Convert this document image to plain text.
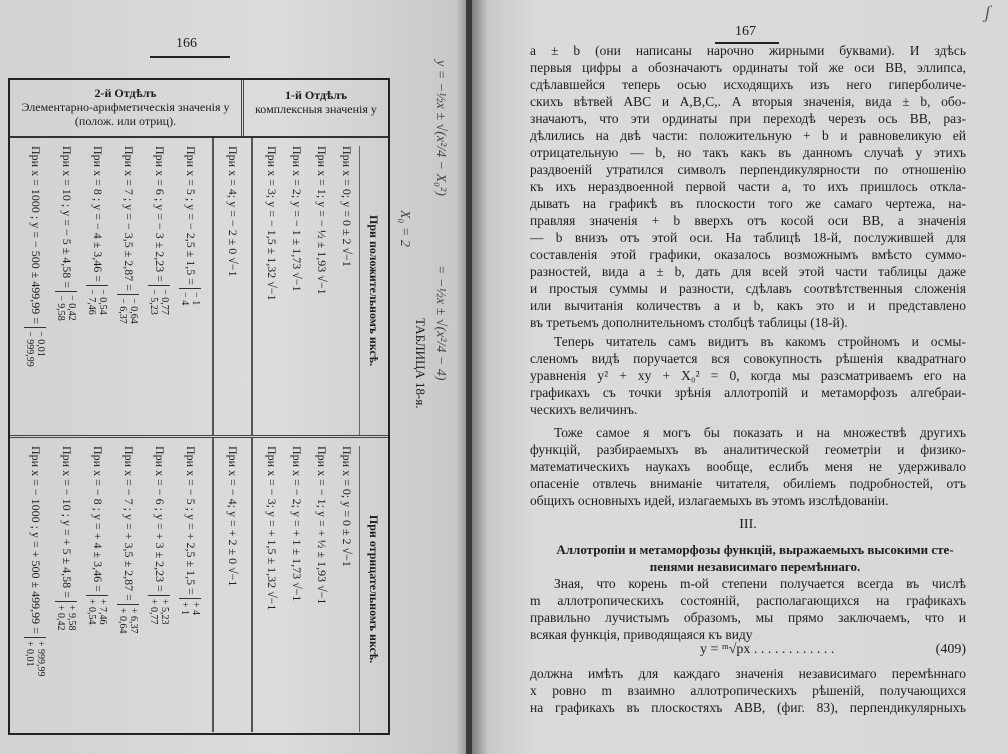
ʃ
166
167
2-й Отдѣлъ
Элементарно-арифметическія значенія y
(полож. или отриц).
1-й Отдѣлъ
комплексныя значенія y
При положительномъ иксѣ.
При x = 0; y = 0 ± 2 √−1
При x = 1; y = − ½ ± 1,93 √−1
При x = 2; y = − 1 ± 1,73 √−1
При x = 3; y = − 1,5 ± 1,32 √−1
При x = 4; y = − 2 ± 0 √−1
При x = 5 ; y = − 2,5 ± 1,5 =
− 1
− 4
При x = 6 ; y = − 3 ± 2,23 =
− 0,77
− 5,23
При x = 7 ; y = − 3,5 ± 2,87 =
− 0,64
− 6,37
При x = 8 ; y = − 4 ± 3,46 =
− 0,54
− 7,46
При x = 10 ; y = − 5 ± 4,58 =
− 0,42
− 9,58
При x = 1000 ; y = − 500 ± 499,99 =
− 0,01
− 999,99
При отрицательномъ иксѣ.
При x = 0; y = 0 ± 2 √−1
При x = − 1; y = + ½ ± 1,93 √−1
При x = − 2; y = + 1 ± 1,73 √−1
При x = − 3; y = + 1,5 ± 1,32 √−1
При x = − 4; y = + 2 ± 0 √−1
При x = − 5 ; y = + 2,5 ± 1,5 =
+ 4
+ 1
При x = − 6 ; y = + 3 ± 2,23 =
+ 5,23
+ 0,77
При x = − 7 ; y = + 3,5 ± 2,87 =
+ 6,37
+ 0,64
При x = − 8 ; y = + 4 ± 3,46 =
+ 7,46
+ 0,54
При x = − 10 ; y = + 5 ± 4,58 =
+ 9,58
+ 0,42
При x = − 1000 ; y = + 500 ± 499,99 =
+ 999,99
+ 0,01
y = −½x ± √(x²/4 − X₀²)
X₀ = 2
= −½x ± √(x²/4 − 4)
ТАБЛИЦА 18-я.
a ± b (они написаны нарочно жирными буквами). И здѣсь
первыя цифры a обозначаютъ ординаты той же оси ВВ, эллипса,
сдѣлавшейся теперь осью исходящихъ изъ него гиперболиче-
скихъ вѣтвей ABC и A,B,C,. А вторыя значенія, вида ± b, обо-
значаютъ, что эти ординаты при переходѣ черезъ ось ВВ, раз-
дѣлились на двѣ части: положительную + b и равновеликую ей
отрицательную — b, но такъ какъ въ данномъ случаѣ у этихъ
раздвоеній утратился символъ перпендикулярности по отношенію
къ ихъ нераздвоенной первой части a, то ихъ пришлось откла-
дывать на графикѣ въ плоскости того же самаго чертежа, на-
правляя значенія + b вверхъ отъ косой оси ВВ, а значенія
— b внизъ отъ этой оси. На таблицѣ 18-й, послужившей для
составленія этой графики, оказалось возможнымъ вмѣсто суммо-
разностей, вида a ± b, дать для всей этой части таблицы даже
и простыя суммы и разности, сдѣлавъ соотвѣтственныя сложенія
или вычитанія количествъ a и b, какъ это и и представлено
въ третьемъ дополнительномъ столбцѣ таблицы (18-й).
Теперь читатель самъ видитъ въ какомъ стройномъ и осмы-
сленомъ видѣ поручается вся совокупность рѣшенія квадратнаго
уравненія y² + xy + X₀² = 0, когда мы разсматриваемъ его на
графикахъ съ точки зрѣнія аллотропій и метаморфозъ алгебраи-
ческихъ величинъ.
Тоже самое я могъ бы показать и на множествѣ другихъ
функцій, разбираемыхъ въ аналитической геометріи и физико-
математическихъ наукахъ вообще, еслибъ меня не удерживало
опасеніе отвлечь вниманіе читателя, обиліемъ подробностей, отъ
общихъ основныхъ идей, излагаемыхъ въ этомъ изслѣдованіи.
III.
Аллотропіи и метаморфозы функцій, выражаемыхъ высокими сте-
пенями независимаго перемѣннаго.
Зная, что корень m-ой степени получается всегда въ числѣ
m аллотропическихъ состояній, располагающихся на графикахъ
правильно лучистымъ образомъ, мы прямо заключаемъ, что и
всякая функція, приводящаяся къ виду
y = ᵐ√px . . . . . . . . . . . .	(409)
должна имѣть для каждаго значенія независимаго перемѣннаго
x ровно m взаимно аллотропическихъ рѣшеній, получающихся
на графикахъ въ плоскостяхъ ABB, (фиг. 83), перпендикулярныхъ
